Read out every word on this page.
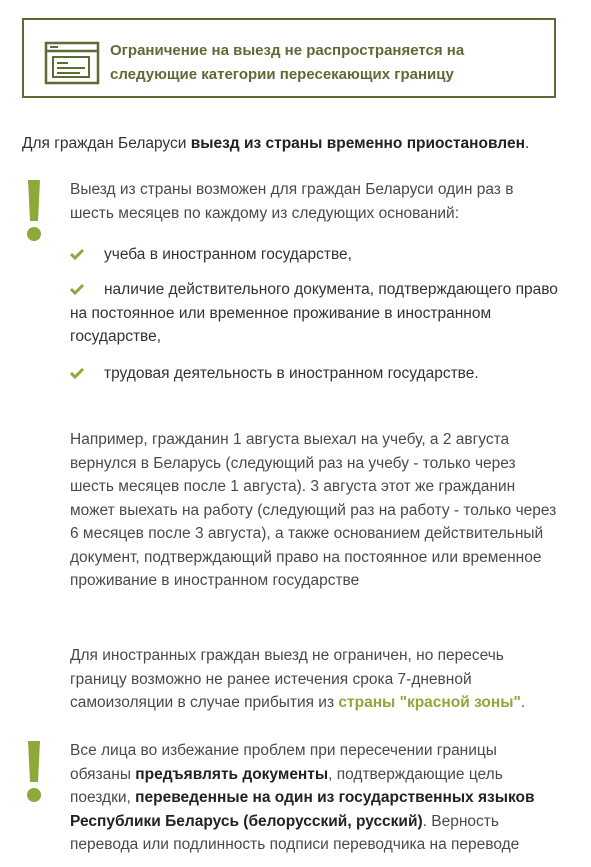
Ограничение на выезд не распространяется на следующие категории пересекающих границу
Для граждан Беларуси выезд из страны временно приостановлен.
Выезд из страны возможен для граждан Беларуси один раз в шесть месяцев по каждому из следующих оснований:
учеба в иностранном государстве,
наличие действительного документа, подтверждающего право на постоянное или временное проживание в иностранном государстве,
трудовая деятельность в иностранном государстве.
Например, гражданин 1 августа выехал на учебу, а 2 августа вернулся в Беларусь (следующий раз на учебу - только через шесть месяцев после 1 августа). 3 августа этот же гражданин может выехать на работу (следующий раз на работу - только через 6 месяцев после 3 августа), а также основанием действительный документ, подтверждающий право на постоянное или временное проживание в иностранном государстве
Для иностранных граждан выезд не ограничен, но пересечь границу возможно не ранее истечения срока 7-дневной самоизоляции в случае прибытия из страны "красной зоны".
Все лица во избежание проблем при пересечении границы обязаны предъявлять документы, подтверждающие цель поездки, переведенные на один из государственных языков Республики Беларусь (белорусский, русский). Верность перевода или подлинность подписи переводчика на переводе
